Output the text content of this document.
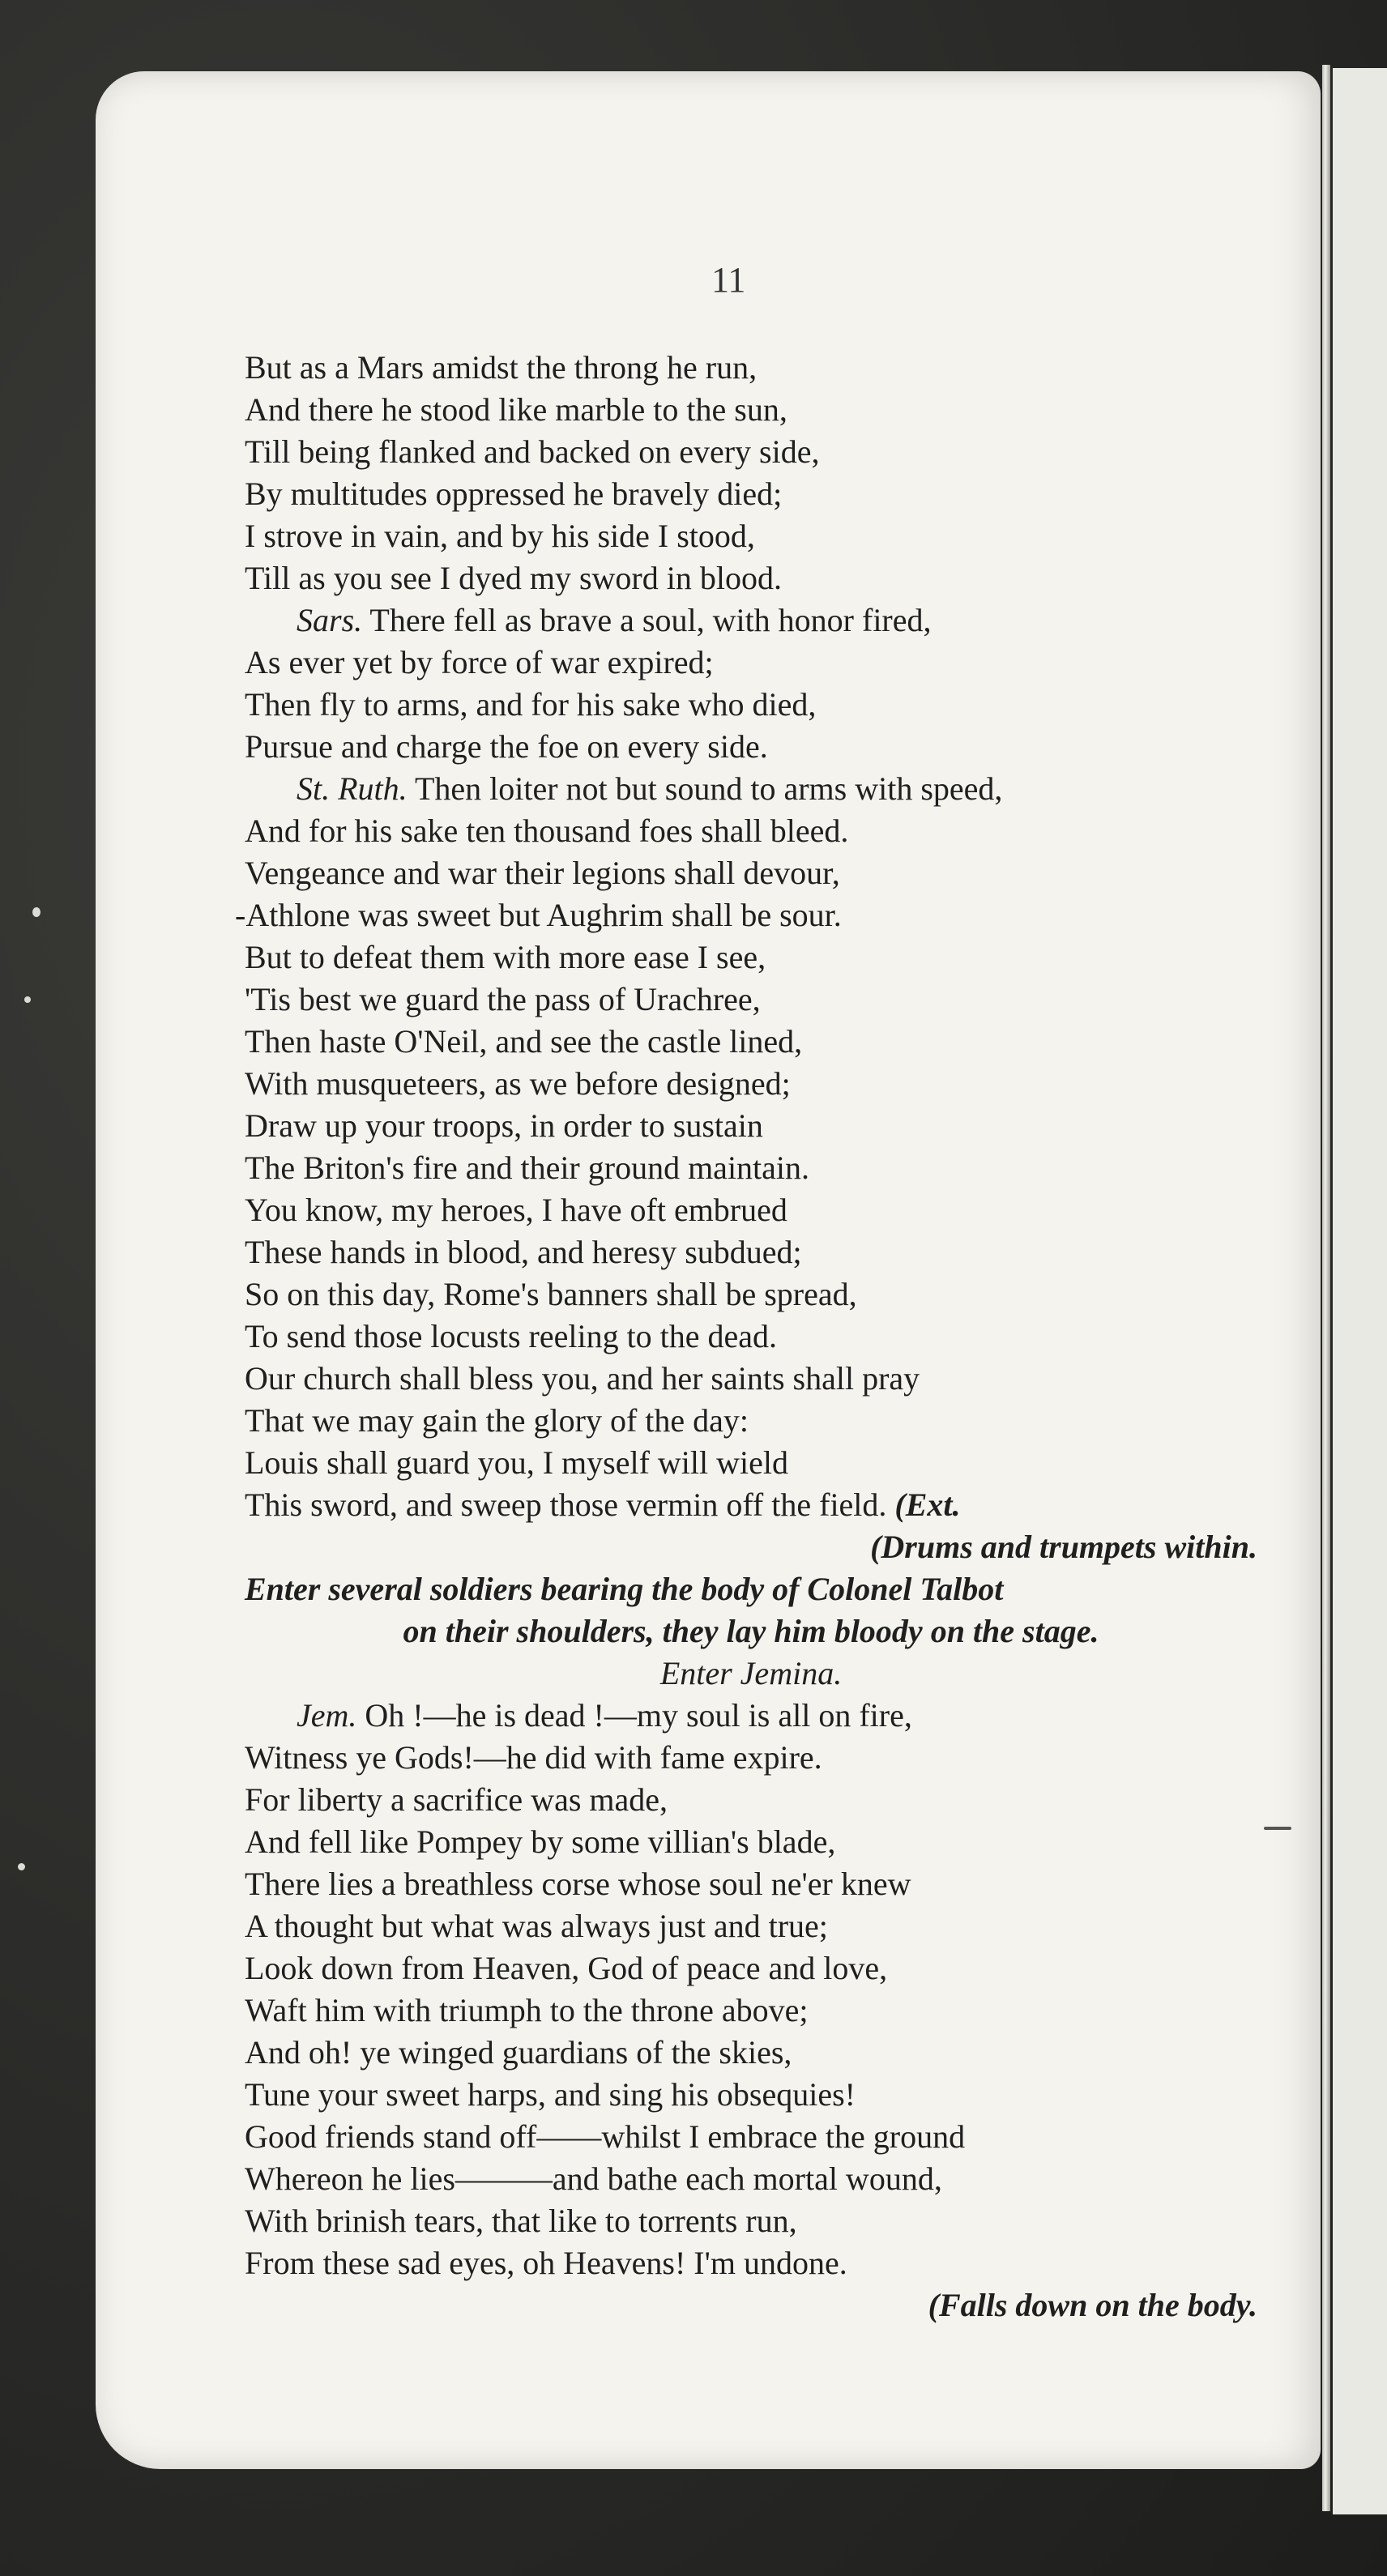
11
But as a Mars amidst the throng he run,
And there he stood like marble to the sun,
Till being flanked and backed on every side,
By multitudes oppressed he bravely died;
I strove in vain, and by his side I stood,
Till as you see I dyed my sword in blood.
Sars. There fell as brave a soul, with honor fired,
As ever yet by force of war expired;
Then fly to arms, and for his sake who died,
Pursue and charge the foe on every side.
St. Ruth. Then loiter not but sound to arms with speed,
And for his sake ten thousand foes shall bleed.
Vengeance and war their legions shall devour,
-Athlone was sweet but Aughrim shall be sour.
But to defeat them with more ease I see,
'Tis best we guard the pass of Urachree,
Then haste O'Neil, and see the castle lined,
With musqueteers, as we before designed;
Draw up your troops, in order to sustain
The Briton's fire and their ground maintain.
You know, my heroes, I have oft embrued
These hands in blood, and heresy subdued;
So on this day, Rome's banners shall be spread,
To send those locusts reeling to the dead.
Our church shall bless you, and her saints shall pray
That we may gain the glory of the day:
Louis shall guard you, I myself will wield
This sword, and sweep those vermin off the field. (Ext.
(Drums and trumpets within.
Enter several soldiers bearing the body of Colonel Talbot
on their shoulders, they lay him bloody on the stage.
Enter Jemina.
Jem. Oh !—he is dead !—my soul is all on fire,
Witness ye Gods!—he did with fame expire.
For liberty a sacrifice was made,
And fell like Pompey by some villian's blade,
There lies a breathless corse whose soul ne'er knew
A thought but what was always just and true;
Look down from Heaven, God of peace and love,
Waft him with triumph to the throne above;
And oh! ye winged guardians of the skies,
Tune your sweet harps, and sing his obsequies!
Good friends stand off——whilst I embrace the ground
Whereon he lies———and bathe each mortal wound,
With brinish tears, that like to torrents run,
From these sad eyes, oh Heavens! I'm undone.
(Falls down on the body.
